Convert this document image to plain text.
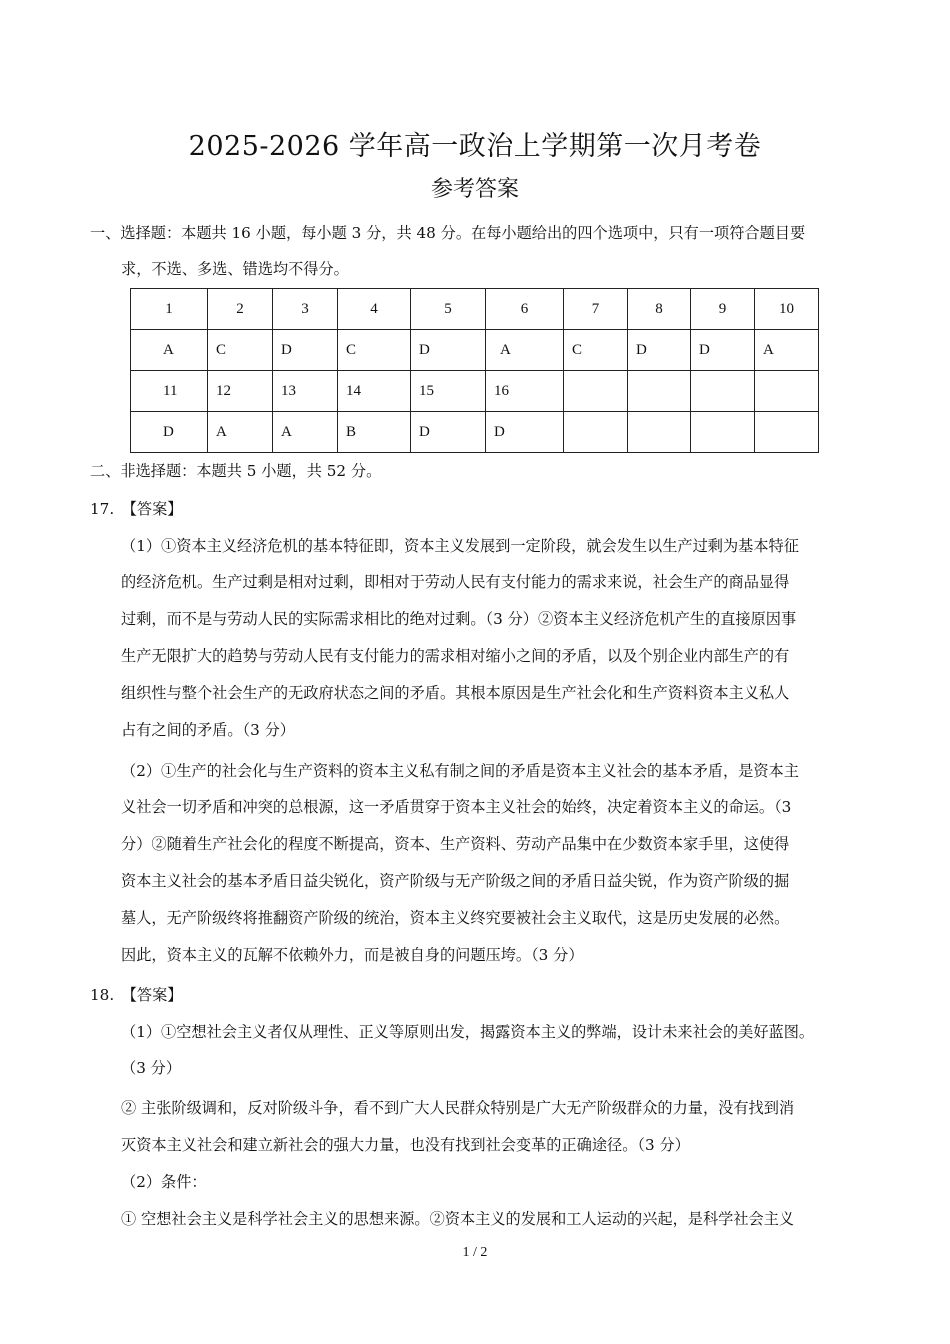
2025-2026 学年高一政治上学期第一次月考卷
参考答案
一、选择题：本题共 16 小题，每小题 3 分，共 48 分。在每小题给出的四个选项中，只有一项符合题目要
求，不选、多选、错选均不得分。
1	2	3	4	5	6	7	8	9	10
A	C	D	C	D	A	C	D	D	A
11	12	13	14	15	16				
D	A	A	B	D	D				
二、非选择题：本题共 5 小题，共 52 分。
17.　【答案】
（1）①资本主义经济危机的基本特征即，资本主义发展到一定阶段，就会发生以生产过剩为基本特征
的经济危机。生产过剩是相对过剩，即相对于劳动人民有支付能力的需求来说，社会生产的商品显得
过剩，而不是与劳动人民的实际需求相比的绝对过剩。（3 分）②资本主义经济危机产生的直接原因事
生产无限扩大的趋势与劳动人民有支付能力的需求相对缩小之间的矛盾，以及个别企业内部生产的有
组织性与整个社会生产的无政府状态之间的矛盾。其根本原因是生产社会化和生产资料资本主义私人
占有之间的矛盾。（3 分）
（2）①生产的社会化与生产资料的资本主义私有制之间的矛盾是资本主义社会的基本矛盾，是资本主
义社会一切矛盾和冲突的总根源，这一矛盾贯穿于资本主义社会的始终，决定着资本主义的命运。（3
分）②随着生产社会化的程度不断提高，资本、生产资料、劳动产品集中在少数资本家手里，这使得
资本主义社会的基本矛盾日益尖锐化，资产阶级与无产阶级之间的矛盾日益尖锐，作为资产阶级的掘
墓人，无产阶级终将推翻资产阶级的统治，资本主义终究要被社会主义取代，这是历史发展的必然。
因此，资本主义的瓦解不依赖外力，而是被自身的问题压垮。（3 分）
18.　【答案】
（1）①空想社会主义者仅从理性、正义等原则出发，揭露资本主义的弊端，设计未来社会的美好蓝图。
（3 分）
② 主张阶级调和，反对阶级斗争，看不到广大人民群众特别是广大无产阶级群众的力量，没有找到消
灭资本主义社会和建立新社会的强大力量，也没有找到社会变革的正确途径。（3 分）
（2）条件：
① 空想社会主义是科学社会主义的思想来源。②资本主义的发展和工人运动的兴起，是科学社会主义
1 / 2
